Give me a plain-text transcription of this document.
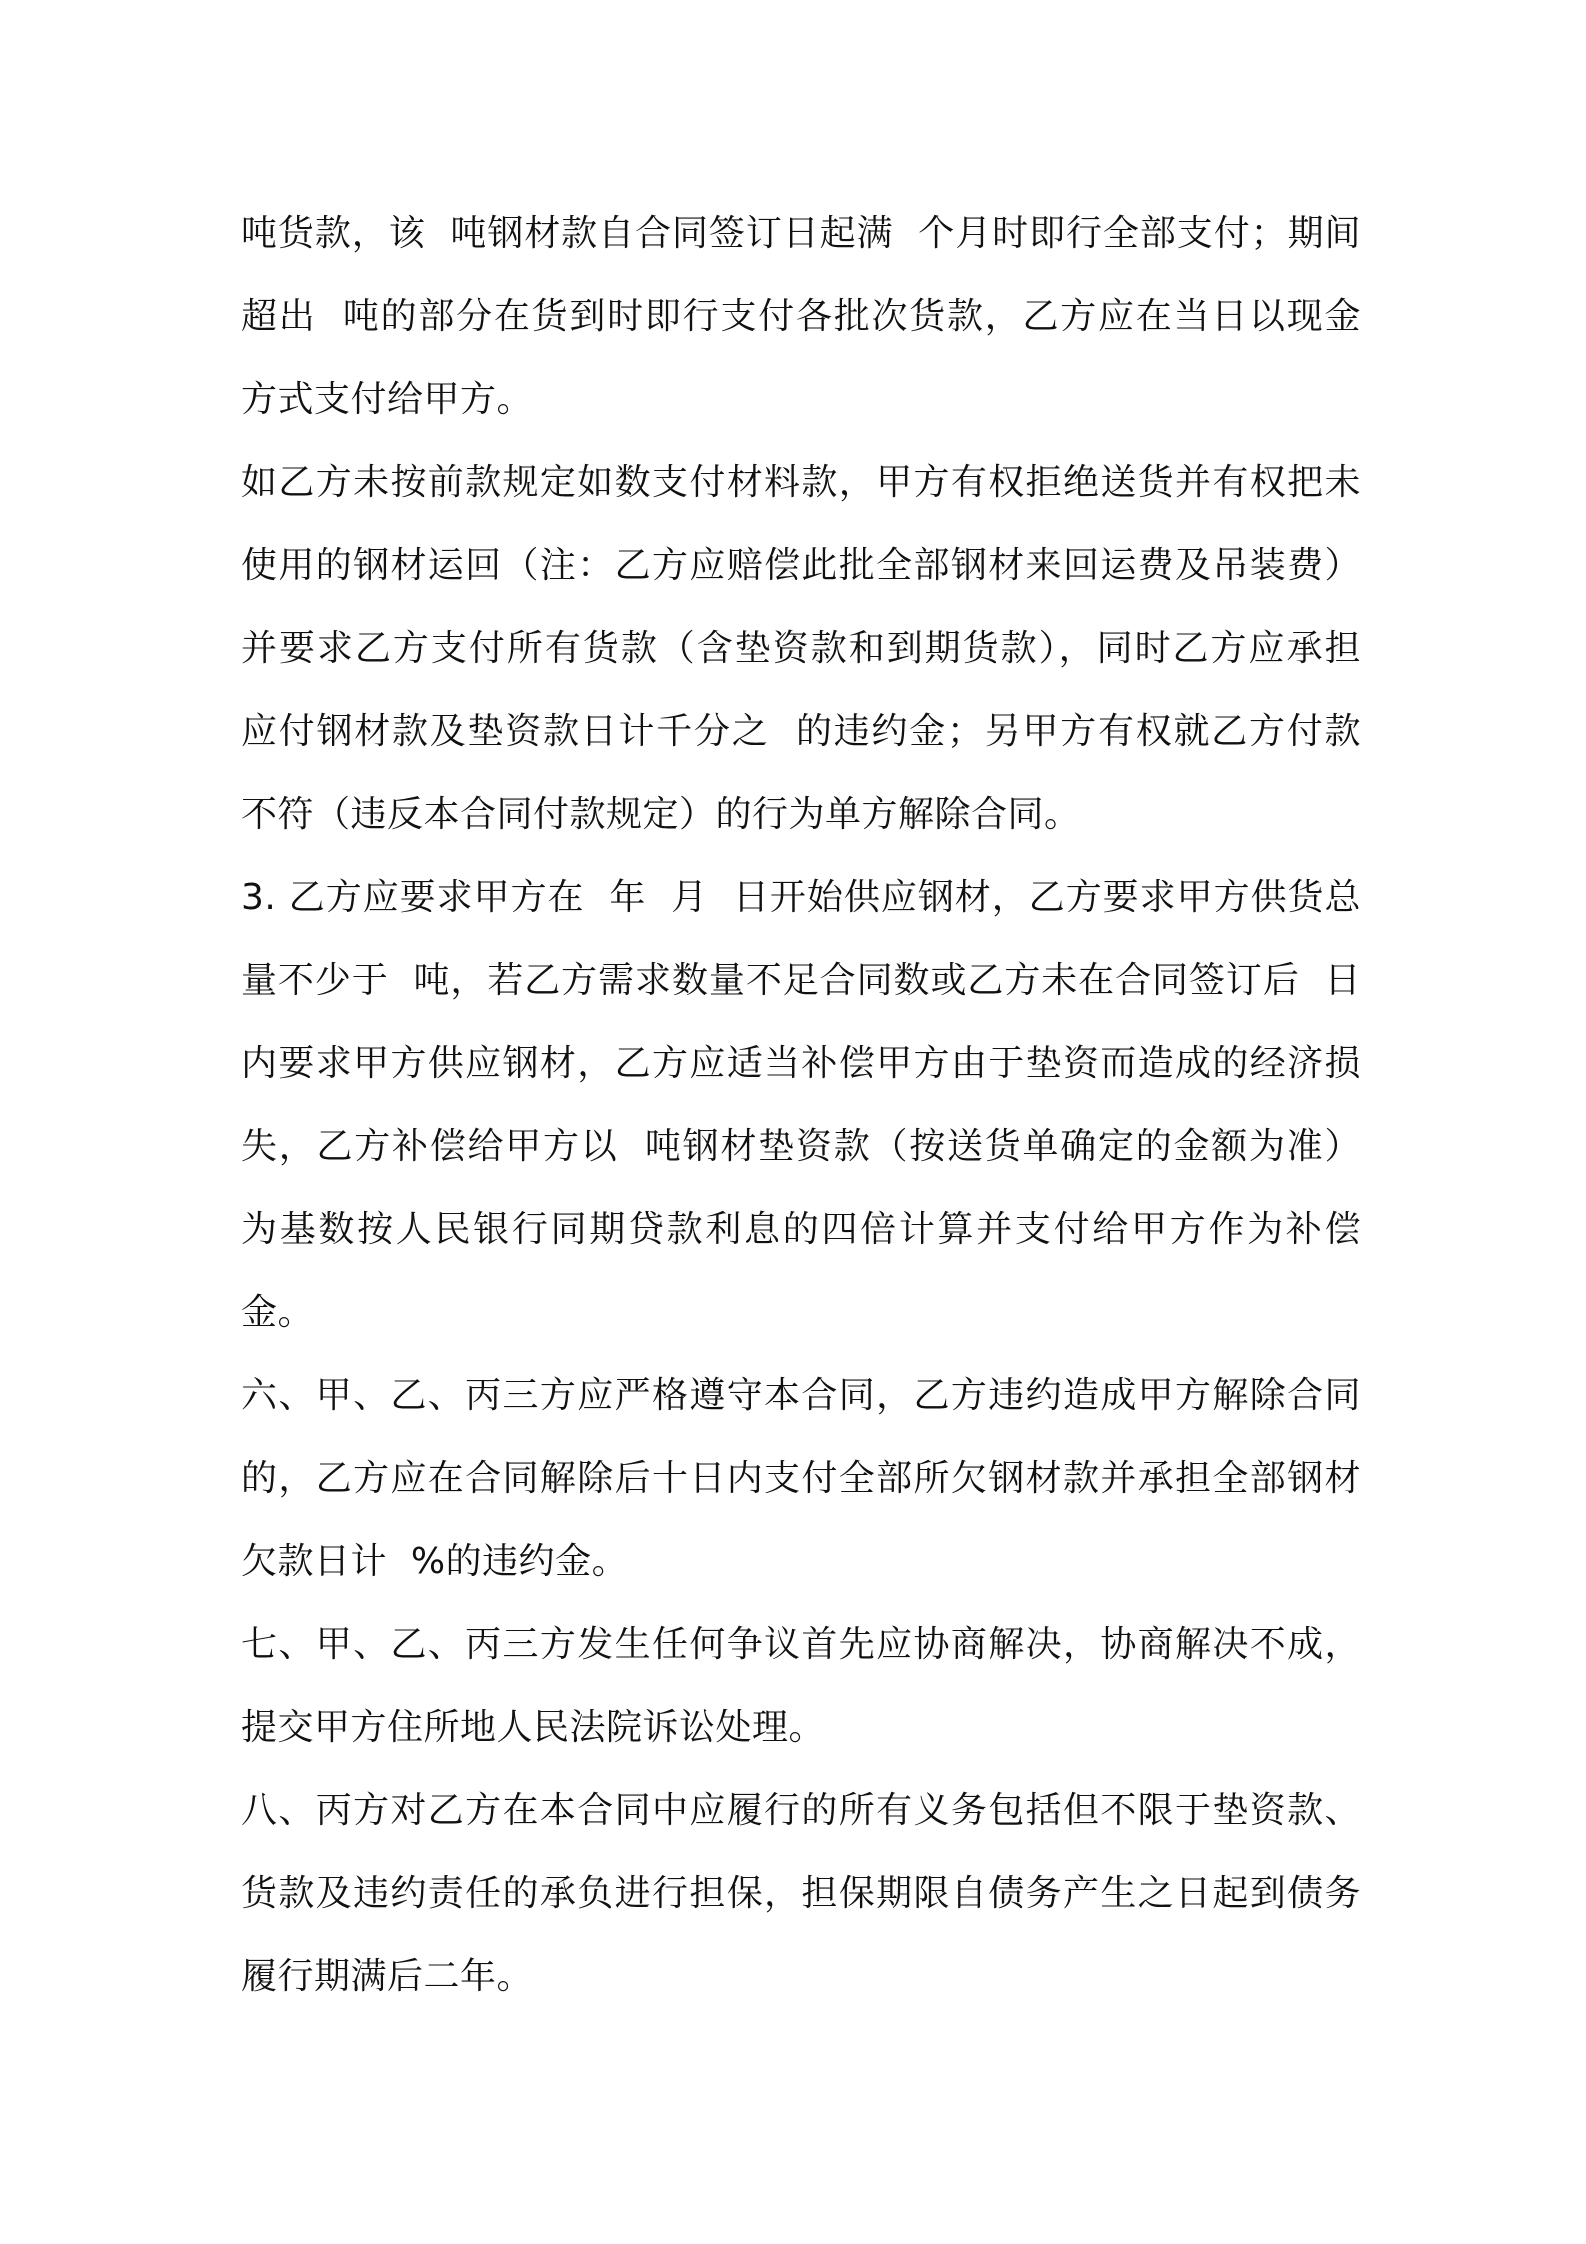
吨货款，该  吨钢材款自合同签订日起满  个月时即行全部支付；期间
超出  吨的部分在货到时即行支付各批次货款，乙方应在当日以现金
方式支付给甲方。
如乙方未按前款规定如数支付材料款，甲方有权拒绝送货并有权把未
使用的钢材运回（注：乙方应赔偿此批全部钢材来回运费及吊装费）
并要求乙方支付所有货款（含垫资款和到期货款），同时乙方应承担
应付钢材款及垫资款日计千分之  的违约金；另甲方有权就乙方付款
不符（违反本合同付款规定）的行为单方解除合同。
3. 乙方应要求甲方在  年  月  日开始供应钢材，乙方要求甲方供货总
量不少于  吨，若乙方需求数量不足合同数或乙方未在合同签订后  日
内要求甲方供应钢材，乙方应适当补偿甲方由于垫资而造成的经济损
失，乙方补偿给甲方以  吨钢材垫资款（按送货单确定的金额为准）
为基数按人民银行同期贷款利息的四倍计算并支付给甲方作为补偿
金。
六、甲、乙、丙三方应严格遵守本合同，乙方违约造成甲方解除合同
的，乙方应在合同解除后十日内支付全部所欠钢材款并承担全部钢材
欠款日计  %的违约金。
七、甲、乙、丙三方发生任何争议首先应协商解决，协商解决不成，
提交甲方住所地人民法院诉讼处理。
八、丙方对乙方在本合同中应履行的所有义务包括但不限于垫资款、
货款及违约责任的承负进行担保，担保期限自债务产生之日起到债务
履行期满后二年。
